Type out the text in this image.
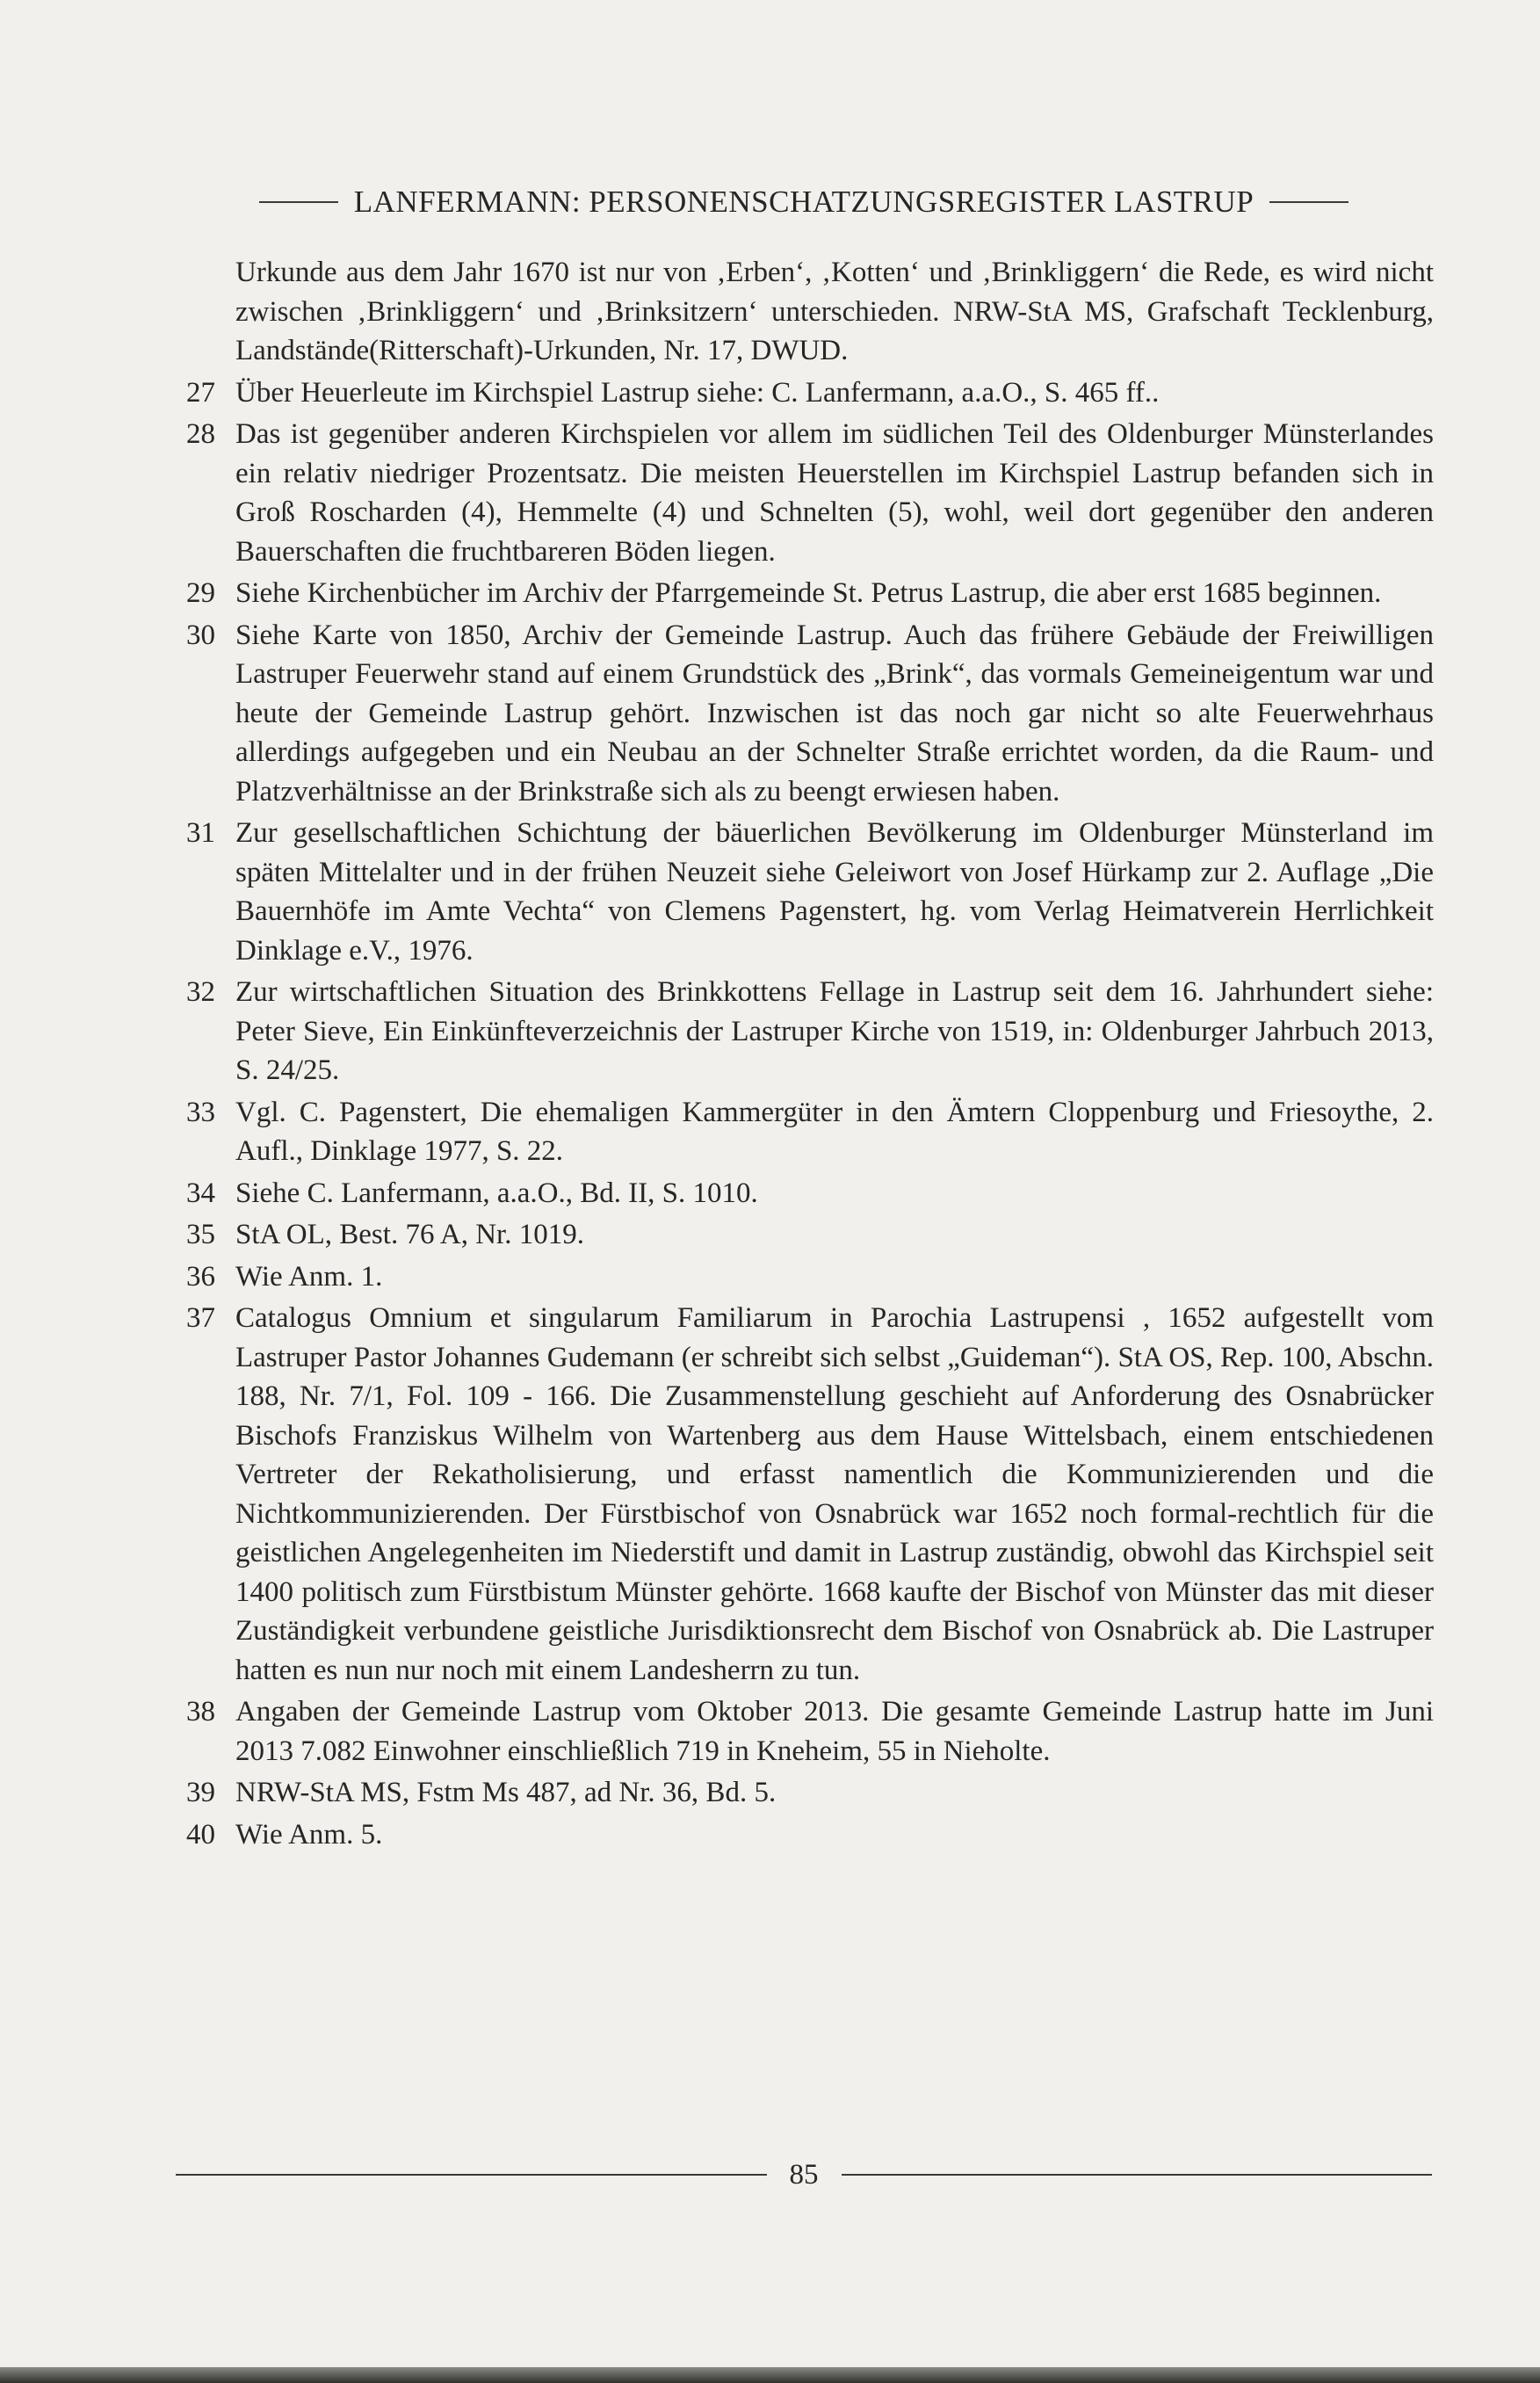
LANFERMANN: PERSONENSCHATZUNGSREGISTER LASTRUP
Urkunde aus dem Jahr 1670 ist nur von ‚Erben‘, ‚Kotten‘ und ‚Brinkliggern‘ die Rede, es wird nicht zwischen ‚Brinkliggern‘ und ‚Brinksitzern‘ unterschieden. NRW-StA MS, Grafschaft Tecklenburg, Landstände(Ritterschaft)-Urkunden, Nr. 17, DWUD.
27 Über Heuerleute im Kirchspiel Lastrup siehe: C. Lanfermann, a.a.O., S. 465 ff..
28 Das ist gegenüber anderen Kirchspielen vor allem im südlichen Teil des Oldenburger Münsterlandes ein relativ niedriger Prozentsatz. Die meisten Heuerstellen im Kirchspiel Lastrup befanden sich in Groß Roscharden (4), Hemmelte (4) und Schnelten (5), wohl, weil dort gegenüber den anderen Bauerschaften die fruchtbareren Böden liegen.
29 Siehe Kirchenbücher im Archiv der Pfarrgemeinde St. Petrus Lastrup, die aber erst 1685 beginnen.
30 Siehe Karte von 1850, Archiv der Gemeinde Lastrup. Auch das frühere Gebäude der Freiwilligen Lastruper Feuerwehr stand auf einem Grundstück des „Brink“, das vormals Gemeineigentum war und heute der Gemeinde Lastrup gehört. Inzwischen ist das noch gar nicht so alte Feuerwehrhaus allerdings aufgegeben und ein Neubau an der Schnelter Straße errichtet worden, da die Raum- und Platzverhältnisse an der Brinkstraße sich als zu beengt erwiesen haben.
31 Zur gesellschaftlichen Schichtung der bäuerlichen Bevölkerung im Oldenburger Münsterland im späten Mittelalter und in der frühen Neuzeit siehe Geleiwort von Josef Hürkamp zur 2. Auflage „Die Bauernhöfe im Amte Vechta“ von Clemens Pagenstert, hg. vom Verlag Heimatverein Herrlichkeit Dinklage e.V., 1976.
32 Zur wirtschaftlichen Situation des Brinkkottens Fellage in Lastrup seit dem 16. Jahrhundert siehe: Peter Sieve, Ein Einkünfteverzeichnis der Lastruper Kirche von 1519, in: Oldenburger Jahrbuch 2013, S. 24/25.
33 Vgl. C. Pagenstert, Die ehemaligen Kammergüter in den Ämtern Cloppenburg und Friesoythe, 2. Aufl., Dinklage 1977, S. 22.
34 Siehe C. Lanfermann, a.a.O., Bd. II, S. 1010.
35 StA OL, Best. 76 A, Nr. 1019.
36 Wie Anm. 1.
37 Catalogus Omnium et singularum Familiarum in Parochia Lastrupensi , 1652 aufgestellt vom Lastruper Pastor Johannes Gudemann (er schreibt sich selbst „Guideman“). StA OS, Rep. 100, Abschn. 188, Nr. 7/1, Fol. 109 - 166. Die Zusammenstellung geschieht auf Anforderung des Osnabrücker Bischofs Franziskus Wilhelm von Wartenberg aus dem Hause Wittelsbach, einem entschiedenen Vertreter der Rekatholisierung, und erfasst namentlich die Kommunizierenden und die Nichtkommunizierenden. Der Fürstbischof von Osnabrück war 1652 noch formal-rechtlich für die geistlichen Angelegenheiten im Niederstift und damit in Lastrup zuständig, obwohl das Kirchspiel seit 1400 politisch zum Fürstbistum Münster gehörte. 1668 kaufte der Bischof von Münster das mit dieser Zuständigkeit verbundene geistliche Jurisdiktionsrecht dem Bischof von Osnabrück ab. Die Lastruper hatten es nun nur noch mit einem Landesherrn zu tun.
38 Angaben der Gemeinde Lastrup vom Oktober 2013. Die gesamte Gemeinde Lastrup hatte im Juni 2013 7.082 Einwohner einschließlich 719 in Kneheim, 55 in Nieholte.
39 NRW-StA MS, Fstm Ms 487, ad Nr. 36, Bd. 5.
40 Wie Anm. 5.
85
